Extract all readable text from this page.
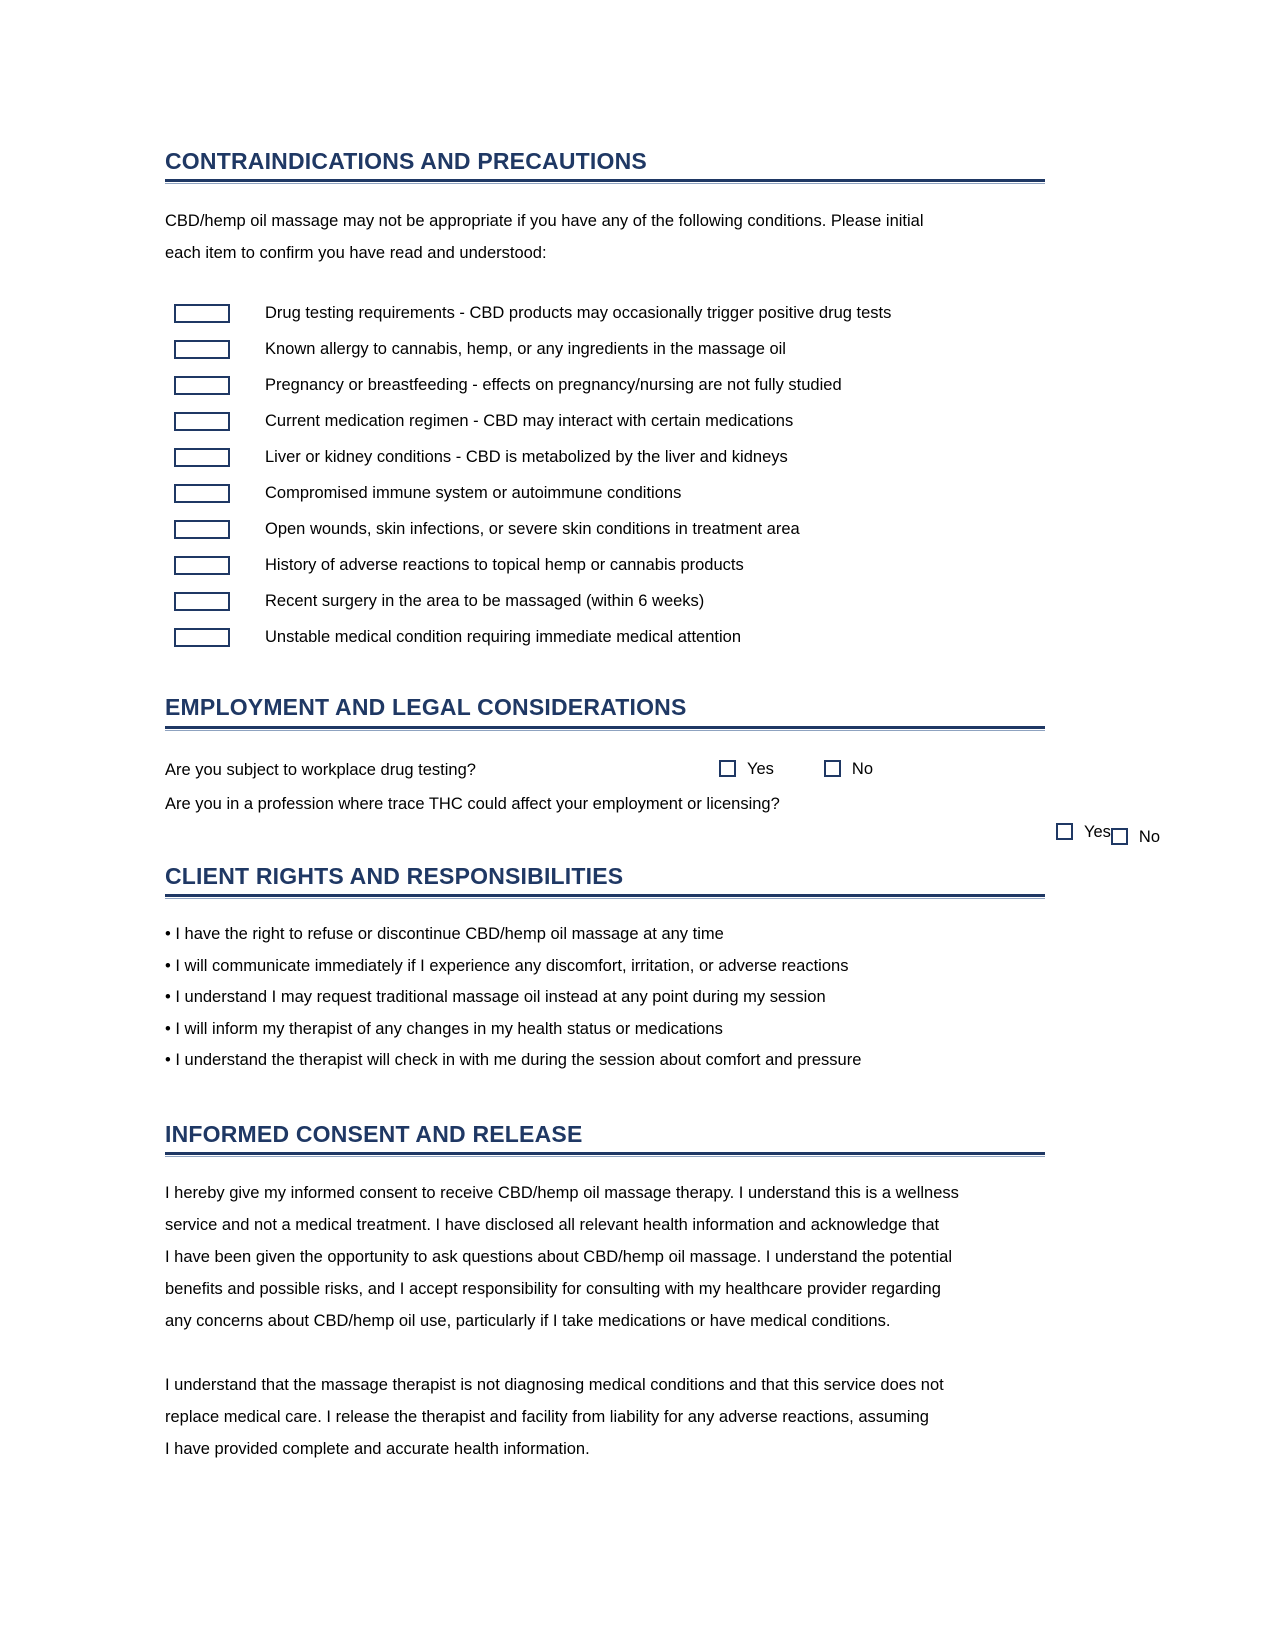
CONTRAINDICATIONS AND PRECAUTIONS
CBD/hemp oil massage may not be appropriate if you have any of the following conditions. Please initial
each item to confirm you have read and understood:
Drug testing requirements - CBD products may occasionally trigger positive drug tests
Known allergy to cannabis, hemp, or any ingredients in the massage oil
Pregnancy or breastfeeding - effects on pregnancy/nursing are not fully studied
Current medication regimen - CBD may interact with certain medications
Liver or kidney conditions - CBD is metabolized by the liver and kidneys
Compromised immune system or autoimmune conditions
Open wounds, skin infections, or severe skin conditions in treatment area
History of adverse reactions to topical hemp or cannabis products
Recent surgery in the area to be massaged (within 6 weeks)
Unstable medical condition requiring immediate medical attention
EMPLOYMENT AND LEGAL CONSIDERATIONS
Are you subject to workplace drug testing?	Yes	No
Are you in a profession where trace THC could affect your employment or licensing?
Yes No
CLIENT RIGHTS AND RESPONSIBILITIES
• I have the right to refuse or discontinue CBD/hemp oil massage at any time
• I will communicate immediately if I experience any discomfort, irritation, or adverse reactions
• I understand I may request traditional massage oil instead at any point during my session
• I will inform my therapist of any changes in my health status or medications
• I understand the therapist will check in with me during the session about comfort and pressure
INFORMED CONSENT AND RELEASE
I hereby give my informed consent to receive CBD/hemp oil massage therapy. I understand this is a wellness
service and not a medical treatment. I have disclosed all relevant health information and acknowledge that
I have been given the opportunity to ask questions about CBD/hemp oil massage. I understand the potential
benefits and possible risks, and I accept responsibility for consulting with my healthcare provider regarding
any concerns about CBD/hemp oil use, particularly if I take medications or have medical conditions.
I understand that the massage therapist is not diagnosing medical conditions and that this service does not
replace medical care. I release the therapist and facility from liability for any adverse reactions, assuming
I have provided complete and accurate health information.
